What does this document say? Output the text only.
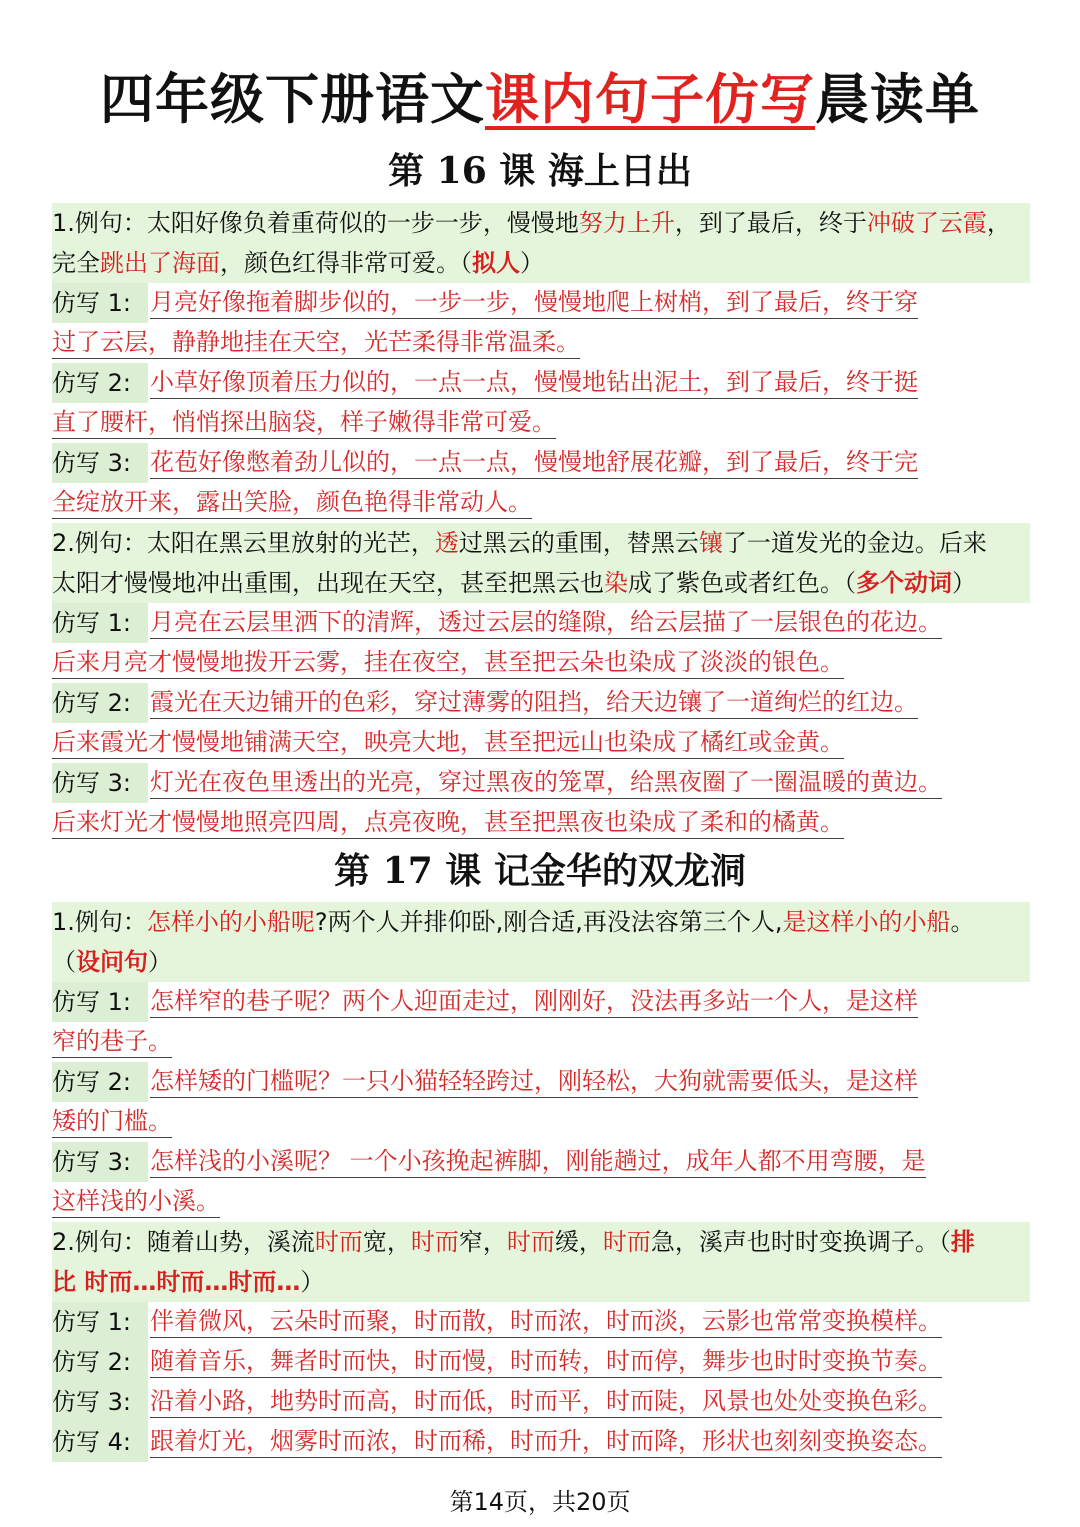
四年级下册语文课内句子仿写晨读单
第 16 课 海上日出
1.例句：太阳好像负着重荷似的一步一步，慢慢地努力上升，到了最后，终于冲破了云霞，
完全跳出了海面，颜色红得非常可爱。（拟人）
仿写 1: 月亮好像拖着脚步似的，一步一步，慢慢地爬上树梢，到了最后，终于穿
过了云层，静静地挂在天空，光芒柔得非常温柔。
仿写 2: 小草好像顶着压力似的，一点一点，慢慢地钻出泥土，到了最后，终于挺
直了腰杆，悄悄探出脑袋，样子嫩得非常可爱。
仿写 3: 花苞好像憋着劲儿似的，一点一点，慢慢地舒展花瓣，到了最后，终于完
全绽放开来，露出笑脸，颜色艳得非常动人。
2.例句：太阳在黑云里放射的光芒，透过黑云的重围，替黑云镶了一道发光的金边。后来
太阳才慢慢地冲出重围，出现在天空，甚至把黑云也染成了紫色或者红色。（多个动词）
仿写 1: 月亮在云层里洒下的清辉，透过云层的缝隙，给云层描了一层银色的花边。
后来月亮才慢慢地拨开云雾，挂在夜空，甚至把云朵也染成了淡淡的银色。
仿写 2: 霞光在天边铺开的色彩，穿过薄雾的阻挡，给天边镶了一道绚烂的红边。
后来霞光才慢慢地铺满天空，映亮大地，甚至把远山也染成了橘红或金黄。
仿写 3: 灯光在夜色里透出的光亮，穿过黑夜的笼罩，给黑夜圈了一圈温暖的黄边。
后来灯光才慢慢地照亮四周，点亮夜晚，甚至把黑夜也染成了柔和的橘黄。
第 17 课 记金华的双龙洞
1.例句：怎样小的小船呢?两个人并排仰卧,刚合适,再没法容第三个人,是这样小的小船。
（设问句）
仿写 1: 怎样窄的巷子呢？两个人迎面走过，刚刚好，没法再多站一个人，是这样
窄的巷子。
仿写 2: 怎样矮的门槛呢？一只小猫轻轻跨过，刚轻松，大狗就需要低头，是这样
矮的门槛。
仿写 3: 怎样浅的小溪呢？ 一个小孩挽起裤脚，刚能趟过，成年人都不用弯腰，是
这样浅的小溪。
2.例句：随着山势，溪流时而宽，时而窄，时而缓，时而急，溪声也时时变换调子。（排
比 时而…时而…时而…）
仿写 1: 伴着微风，云朵时而聚，时而散，时而浓，时而淡，云影也常常变换模样。
仿写 2: 随着音乐，舞者时而快，时而慢，时而转，时而停，舞步也时时变换节奏。
仿写 3: 沿着小路，地势时而高，时而低，时而平，时而陡，风景也处处变换色彩。
仿写 4: 跟着灯光，烟雾时而浓，时而稀，时而升，时而降，形状也刻刻变换姿态。
第14页，共20页
